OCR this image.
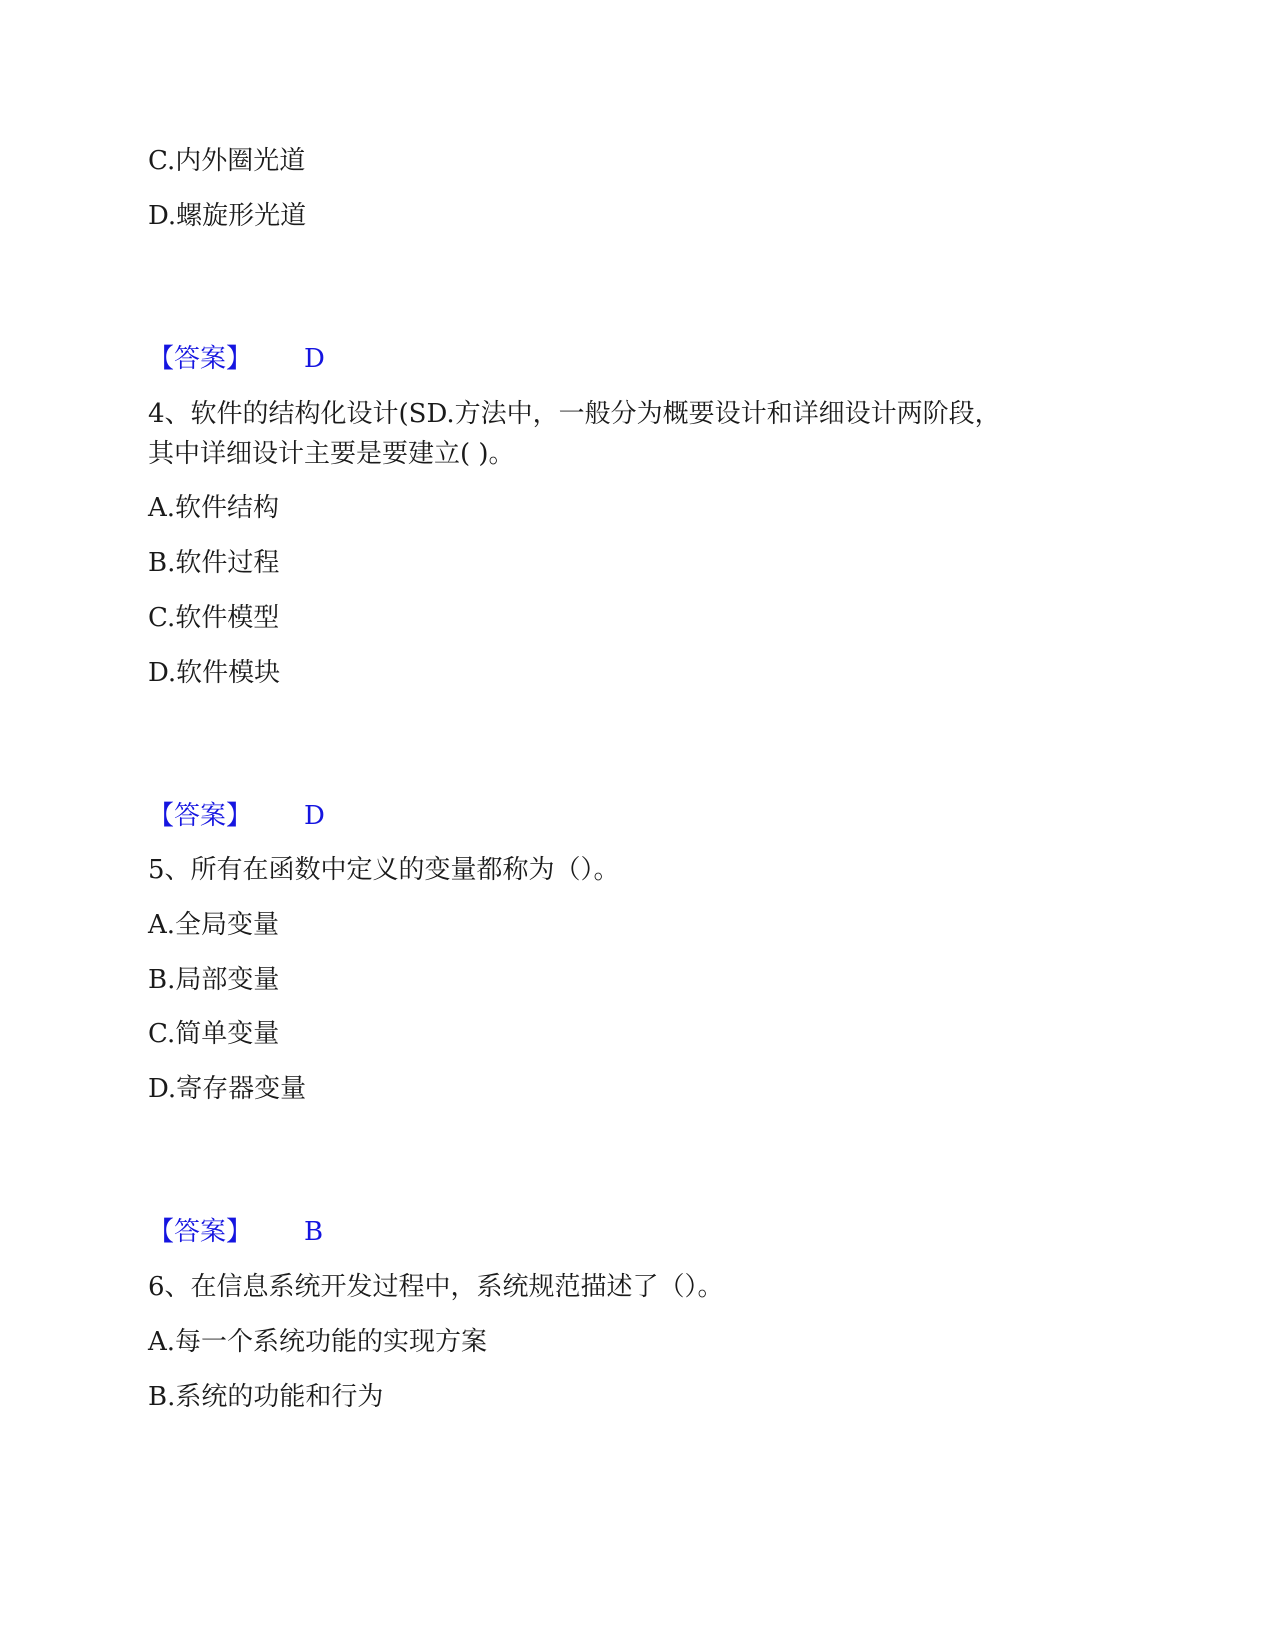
C.内外圈光道
D.螺旋形光道
【答案】 D
4、软件的结构化设计(SD.方法中，一般分为概要设计和详细设计两阶段，
其中详细设计主要是要建立( )。
A.软件结构
B.软件过程
C.软件模型
D.软件模块
【答案】 D
5、所有在函数中定义的变量都称为（）。
A.全局变量
B.局部变量
C.简单变量
D.寄存器变量
【答案】 B
6、在信息系统开发过程中，系统规范描述了（）。
A.每一个系统功能的实现方案
B.系统的功能和行为
